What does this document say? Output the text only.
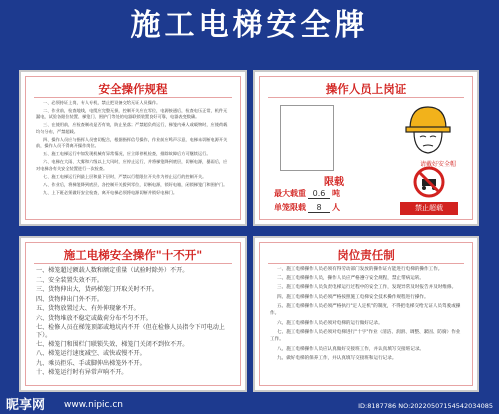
施工电梯安全牌
安全操作规程

一、必须持证上岗，专人专机，禁止把设备交给无证人员操作。

二、作业前，检查地线，电缆应完整无损，控制开关应在零位，电源接通后，检查电压正常，机件无漏电，试验各限位装置、梯笼门、围护门等处的电器联锁装置良好可靠，电器表变数确。

三、在使用前，应检查制动是否有效，防止坠落；严禁超负荷运行，梯笼内乘人或载物时，应使荷载均匀分布，严禁超载。

四、操作人员应与指挥人员密切配合，根据指挥信号操作，作业前应鸣声示意，电梯未切断电源开关前，操作人员不得离开操作岗位。

五、施工电梯运行中如发现机械有异常情况，应立即停机检查，排除故障后方可继续运行。

六、电梯在大雨、大雾和六级以上大风时，应停止运行，并将梯笼降到底层，切断电源，暴雨后，应对电梯各有关安全装置进行一次检查。

七、施工电梯运行到最上层和最下层时，严禁以行程限位开关作为停止运行的控制开关。

八、作业后，将梯笼降到底层，各控制开关拨到零位，切断电源，锁好电箱，闭锁梯笼门和围护门。

九、上下班必须做好安全检查，离开电梯必须将电源切断并锁好电梯门。

操作人员上岗证
限载
最大载重 0.6 吨
单笼限载 8 人
请戴好安全帽
禁止超载
施工电梯安全操作"十不开"
一、梯笼超过额载人数和额定重量（试验时除外）不开。
二、安全装置失效不开。
三、货物伸出大，货码梯笼门开取关时不开。
四、货物伸出门外不开。
五、货物放置过大、有外伸现象不开。
六、货物堆放不稳定或截荷分布不匀不开。
七、检修人员在梯笼顶部或地坑内不开（但在检修人员指令下可电动上下）。
七、梯笼门和围栏门联锁失效、梯笼门关闭不到位不开。
八、梯笼运行速度减空、或快或慢不开。
九、乘员拒乐、手或脚伸出梯笼外不开。
十、梯笼运行时有异常声响不开。
岗位责任制

一、施工电梯操作人员必须有得劳动部门发放的操作证方能进行电梯的操作工作。

二、施工电梯操作人员，操作人员应严格遵守安全规程，禁止带病运转。

三、施工电梯操作人员负责电梯运行过程中的安全工作，发现异常及时报告并及时维修。

四、施工电梯操作人员必须严格按照施工电梯安全技术操作规程进行操作。

五、施工电梯操作人员必须严格执行"定人定机"的制度，不得把电梯交给无证人员驾驶或操作。

六、施工电梯操作人员必须对电梯的运行做好记录。

七、施工电梯操作人员必须对电梯进行"十字"作业（清洁、润滑、调整、紧固、防腐）作业工作。

八、施工电梯操作人员应认真做好交接班工作，并认真填写交接班记录。

九、做好电梯的保养工作，并认真填写交接班和运行记录。

昵享网 www.nipic.cn	ID:8187786 NO:20220507154542034085
